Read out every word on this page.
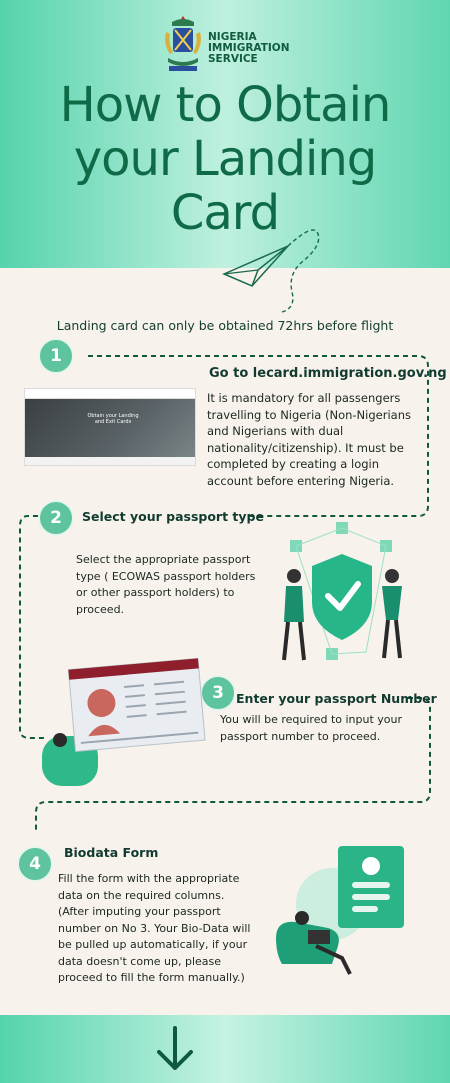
NIGERIA
IMMIGRATION
SERVICE
How to Obtain
your Landing
Card
Landing card can only be obtained 72hrs before flight
1
Go to lecard.immigration.gov.ng
It is mandatory for all passengers travelling to Nigeria (Non-Nigerians and Nigerians with dual nationality/citizenship). It must be completed by creating a login account before entering Nigeria.
Obtain your Landing and Exit Cards
2	Select your passport type
Select the appropriate passport type ( ECOWAS passport holders or other passport holders) to proceed.
3 Enter your passport Number
You will be required to input your passport number to proceed.
4
Biodata Form
Fill the form with the appropriate data on the required columns. (After imputing your passport number on No 3. Your Bio-Data will be pulled up automatically, if your data doesn't come up, please proceed to fill the form manually.)
